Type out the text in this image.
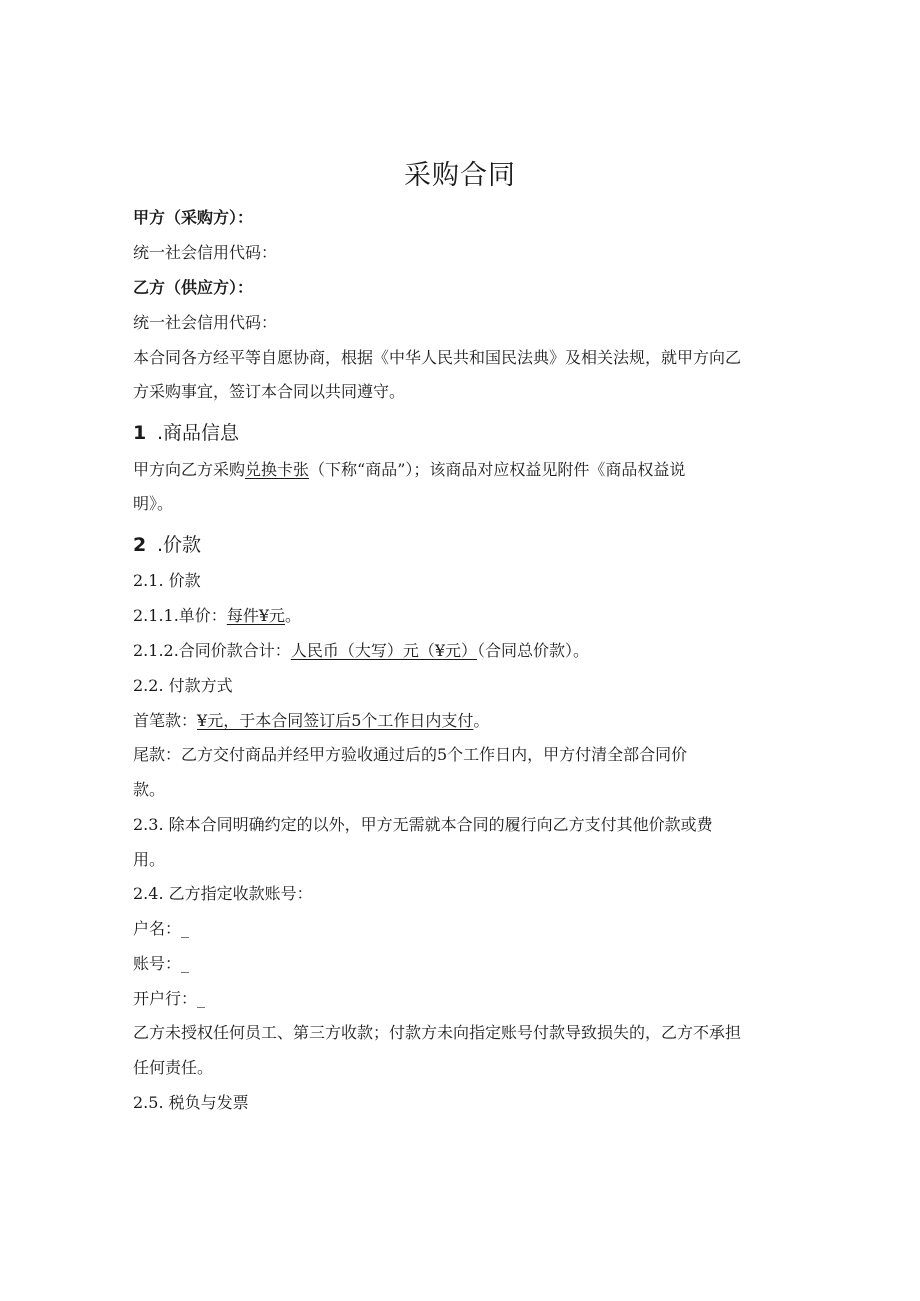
采购合同
甲方（采购方）：
统一社会信用代码：
乙方（供应方）：
统一社会信用代码：
本合同各方经平等自愿协商，根据《中华人民共和国民法典》及相关法规，就甲方向乙
方采购事宜，签订本合同以共同遵守。
1 .商品信息
甲方向乙方采购兑换卡张（下称“商品”）；该商品对应权益见附件《商品权益说
明》。
2 .价款
2.1. 价款
2.1.1.单价：每件¥元。
2.1.2.合同价款合计：人民币（大写）元（¥元）（合同总价款）。
2.2. 付款方式
首笔款：¥元，于本合同签订后5个工作日内支付。
尾款：乙方交付商品并经甲方验收通过后的5个工作日内，甲方付清全部合同价
款。
2.3. 除本合同明确约定的以外，甲方无需就本合同的履行向乙方支付其他价款或费
用。
2.4. 乙方指定收款账号：
户名：_
账号：_
开户行：_
乙方未授权任何员工、第三方收款；付款方未向指定账号付款导致损失的，乙方不承担
任何责任。
2.5. 税负与发票
